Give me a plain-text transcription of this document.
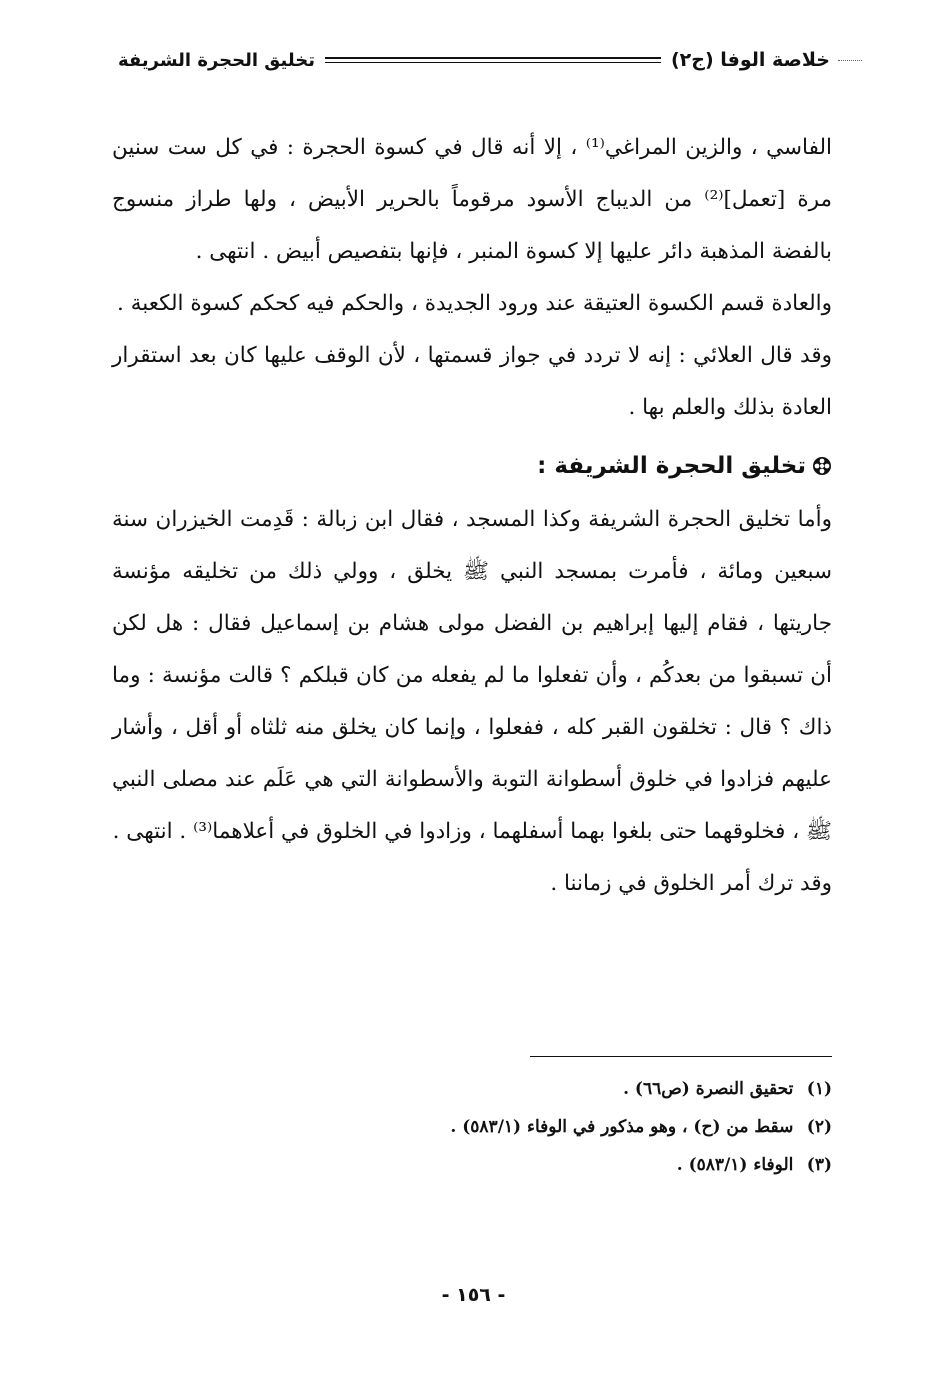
خلاصة الوفا (ج٢)
تخليق الحجرة الشريفة

الفاسي ، والزين المراغي⁽¹⁾ ، إلا أنه قال في كسوة الحجرة : في كل ست سنين مرة [تعمل]⁽²⁾ من الديباج الأسود مرقوماً بالحرير الأبيض ، ولها طراز منسوج بالفضة المذهبة دائر عليها إلا كسوة المنبر ، فإنها بتفصيص أبيض . انتهى .

والعادة قسم الكسوة العتيقة عند ورود الجديدة ، والحكم فيه كحكم كسوة الكعبة .

وقد قال العلائي : إنه لا تردد في جواز قسمتها ، لأن الوقف عليها كان بعد استقرار العادة بذلك والعلم بها .

تخليق الحجرة الشريفة :

وأما تخليق الحجرة الشريفة وكذا المسجد ، فقال ابن زبالة : قَدِمت الخيزران سنة سبعين ومائة ، فأمرت بمسجد النبي ﷺ يخلق ، وولي ذلك من تخليقه مؤنسة جاريتها ، فقام إليها إبراهيم بن الفضل مولى هشام بن إسماعيل فقال : هل لكن أن تسبقوا من بعدكُم ، وأن تفعلوا ما لم يفعله من كان قبلكم ؟ قالت مؤنسة : وما ذاك ؟ قال : تخلقون القبر كله ، ففعلوا ، وإنما كان يخلق منه ثلثاه أو أقل ، وأشار عليهم فزادوا في خلوق أسطوانة التوبة والأسطوانة التي هي عَلَم عند مصلى النبي ﷺ ، فخلوقهما حتى بلغوا بهما أسفلهما ، وزادوا في الخلوق في أعلاهما⁽³⁾ . انتهى .

وقد ترك أمر الخلوق في زماننا .

(١) تحقيق النصرة (ص٦٦) .

(٢) سقط من (ح) ، وهو مذكور في الوفاء (٥٨٣/١) .

(٣) الوفاء (٥٨٣/١) .

- ١٥٦ -
